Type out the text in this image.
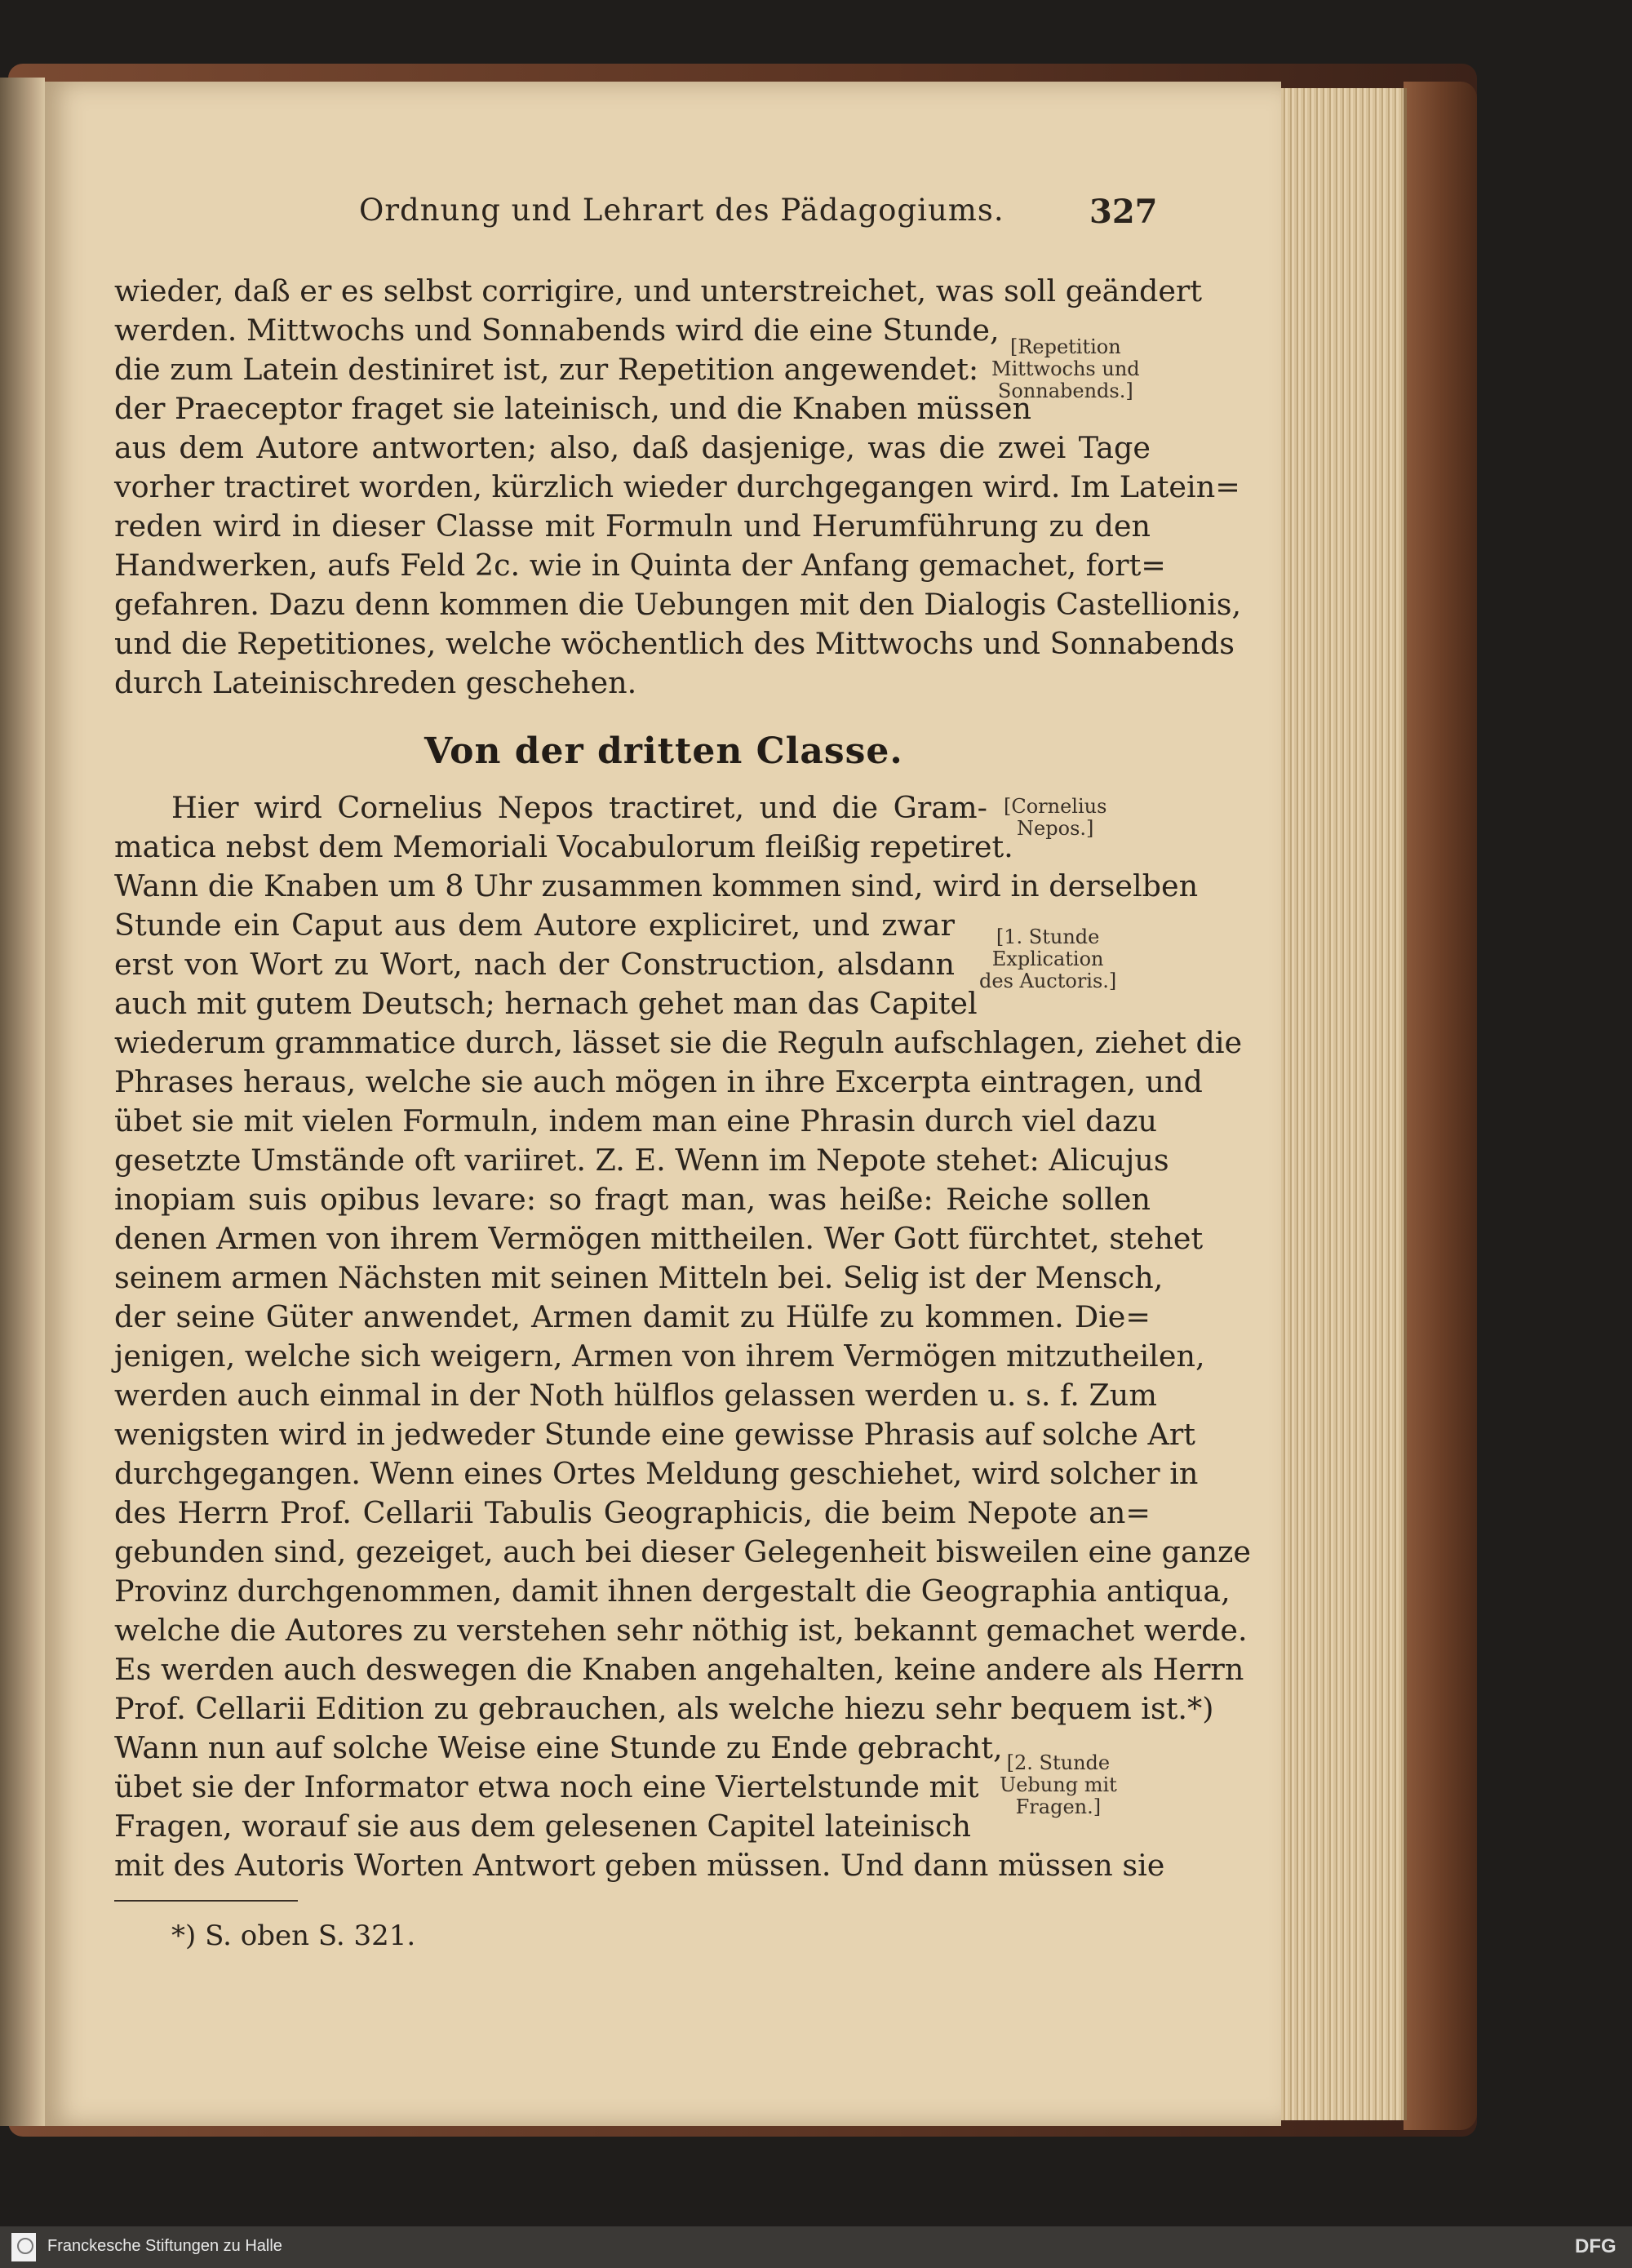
Ordnung und Lehrart des Pädagogiums.	327
wieder, daß er es selbst corrigire, und unterstreichet, was soll geändert
werden. Mittwochs und Sonnabends wird die eine Stunde,
die zum Latein destiniret ist, zur Repetition angewendet:
der Praeceptor fraget sie lateinisch, und die Knaben müssen
aus dem Autore antworten; also, daß dasjenige, was die zwei Tage
vorher tractiret worden, kürzlich wieder durchgegangen wird. Im Latein=
reden wird in dieser Classe mit Formuln und Herumführung zu den
Handwerken, aufs Feld 2c. wie in Quinta der Anfang gemachet, fort=
gefahren. Dazu denn kommen die Uebungen mit den Dialogis Castellionis,
und die Repetitiones, welche wöchentlich des Mittwochs und Sonnabends
durch Lateinischreden geschehen.
Von der dritten Classe.
Hier wird Cornelius Nepos tractiret, und die Gram-
matica nebst dem Memoriali Vocabulorum fleißig repetiret.
Wann die Knaben um 8 Uhr zusammen kommen sind, wird in derselben
Stunde ein Caput aus dem Autore expliciret, und zwar
erst von Wort zu Wort, nach der Construction, alsdann
auch mit gutem Deutsch; hernach gehet man das Capitel
wiederum grammatice durch, lässet sie die Reguln aufschlagen, ziehet die
Phrases heraus, welche sie auch mögen in ihre Excerpta eintragen, und
übet sie mit vielen Formuln, indem man eine Phrasin durch viel dazu
gesetzte Umstände oft variiret. Z. E. Wenn im Nepote stehet: Alicujus
inopiam suis opibus levare: so fragt man, was heiße: Reiche sollen
denen Armen von ihrem Vermögen mittheilen. Wer Gott fürchtet, stehet
seinem armen Nächsten mit seinen Mitteln bei. Selig ist der Mensch,
der seine Güter anwendet, Armen damit zu Hülfe zu kommen. Die=
jenigen, welche sich weigern, Armen von ihrem Vermögen mitzutheilen,
werden auch einmal in der Noth hülflos gelassen werden u. s. f. Zum
wenigsten wird in jedweder Stunde eine gewisse Phrasis auf solche Art
durchgegangen. Wenn eines Ortes Meldung geschiehet, wird solcher in
des Herrn Prof. Cellarii Tabulis Geographicis, die beim Nepote an=
gebunden sind, gezeiget, auch bei dieser Gelegenheit bisweilen eine ganze
Provinz durchgenommen, damit ihnen dergestalt die Geographia antiqua,
welche die Autores zu verstehen sehr nöthig ist, bekannt gemachet werde.
Es werden auch deswegen die Knaben angehalten, keine andere als Herrn
Prof. Cellarii Edition zu gebrauchen, als welche hiezu sehr bequem ist.*)
Wann nun auf solche Weise eine Stunde zu Ende gebracht,
übet sie der Informator etwa noch eine Viertelstunde mit
Fragen, worauf sie aus dem gelesenen Capitel lateinisch
mit des Autoris Worten Antwort geben müssen. Und dann müssen sie
[Repetition
Mittwochs und
Sonnabends.]
[Cornelius
Nepos.]
[1. Stunde
Explication
des Auctoris.]
[2. Stunde
Uebung mit
Fragen.]
*) S. oben S. 321.
Franckesche Stiftungen zu Halle	DFG
